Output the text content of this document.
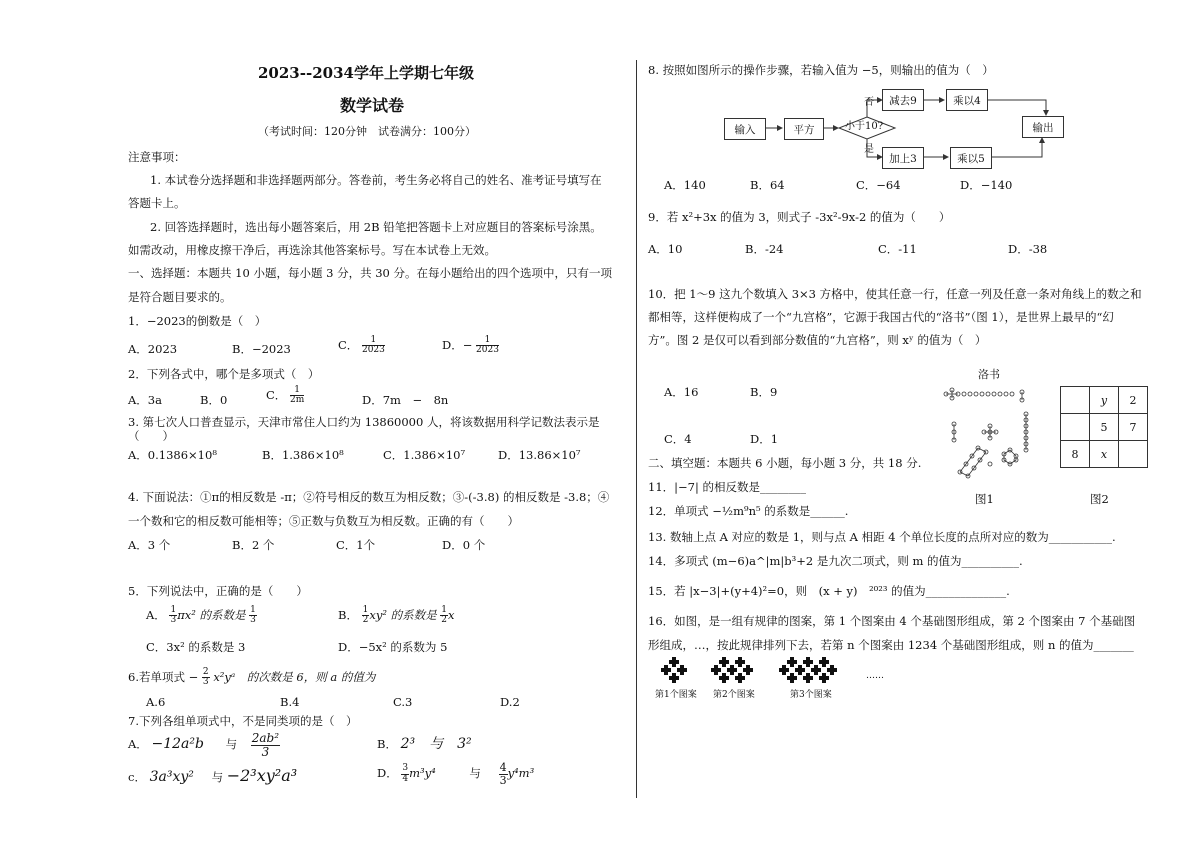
2023--2034学年上学期七年级
数学试卷
（考试时间：120分钟　试卷满分：100分）
注意事项：
1. 本试卷分选择题和非选择题两部分。答卷前，考生务必将自己的姓名、准考证号填写在
答题卡上。
2. 回答选择题时，选出每小题答案后，用 2B 铅笔把答题卡上对应题目的答案标号涂黑。
如需改动，用橡皮擦干净后，再选涂其他答案标号。写在本试卷上无效。
一、选择题：本题共 10 小题，每小题 3 分，共 30 分。在每小题给出的四个选项中，只有一项
是符合题目要求的。
1．−2023的倒数是（　）
A．2023	B．−2023	C． $\frac{1}{2023}$	D．− $\frac{1}{2023}$
2．下列各式中，哪个是多项式（　）
A．3a	B．0	C． $\frac{1}{2m}$	D．7m　−　8n
3. 第七次人口普查显示，天津市常住人口约为 13860000 人，将该数据用科学记数法表示是
（　　）
A．0.1386×10⁸	B．1.386×10⁸	C．1.386×10⁷	D．13.86×10⁷
4. 下面说法：①π的相反数是 -π；②符号相反的数互为相反数；③-(-3.8) 的相反数是 -3.8；④
一个数和它的相反数可能相等；⑤正数与负数互为相反数。正确的有（　　）
A．3 个	B．2 个	C．1个	D．0 个
5．下列说法中，正确的是（　　）
A． $\frac{1}{3} \pi x^2$ 的系数是 $\frac{1}{3}$	B． $\frac{1}{2} xy^2$ 的系数是 $\frac{1}{2}$ x
C．3x² 的系数是 3	D．−5x² 的系数为 5
6.若单项式 − $\frac{2}{3}$ x²yᵃ　的次数是 6，则 a 的值为
A.6	B.4	C.3	D.2
7.下列各组单项式中，不是同类项的是（　）
A． −12a²b 与 $\frac{\text{2ab²}}{3}$	B． 2³　与　3²
c． 3a³xy² 与 −2³xy²a³	D． $\frac{3}{4} m^3y^4$	与 $\frac{4}{3} y^4m^3$
8. 按照如图所示的操作步骤，若输入值为 −5，则输出的值为（　）
输入	平方	小于10?
否
是
减去9	乘以4
加上3	乘以5
输出
A．140	B．64	C．−64	D．−140
9．若 x²+3x 的值为 3，则式子 -3x²-9x-2 的值为（　　）
A．10	B．-24	C．-11	D．-38
10．把 1～9 这九个数填入 3×3 方格中，使其任意一行，任意一列及任意一条对角线上的数之和
都相等，这样便构成了一个“九宫格”，它源于我国古代的“洛书”（图 1），是世界上最早的“幻
方”。图 2 是仅可以看到部分数值的“九宫格”，则 xʸ 的值为（　）
A．16	B．9
C．4	D．1
洛书
	y	2
	5	7
8	x	
图1	图2
二、填空题：本题共 6 小题，每小题 3 分，共 18 分.
11．|−7| 的相反数是________
12．单项式 −½m⁹n⁵ 的系数是______.
13. 数轴上点 A 对应的数是 1，则与点 A 相距 4 个单位长度的点所对应的数为___________.
14．多项式 (m−6)a^|m|b³+2 是九次二项式，则 m 的值为__________.
15．若 |x−3|+(y+4)²=0，则　(x + y)　²⁰²³ 的值为______________.
16．如图，是一组有规律的图案，第 1 个图案由 4 个基础图形组成，第 2 个图案由 7 个基础图
形组成，…，按此规律排列下去，若第 n 个图案由 1234 个基础图形组成，则 n 的值为_______
第1个图案 第2个图案	第3个图案
……
